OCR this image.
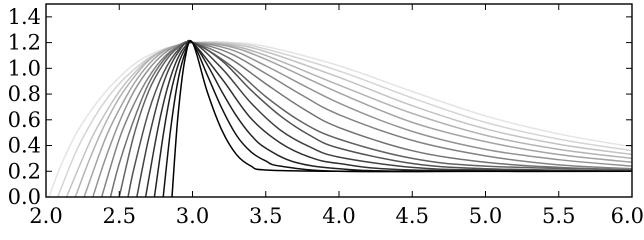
0.0
0.2
0.4
0.6
0.8
1.0
1.2
1.4
2.0 2.5 3.0 3.5 4.0 4.5 5.0 5.5 6.0
